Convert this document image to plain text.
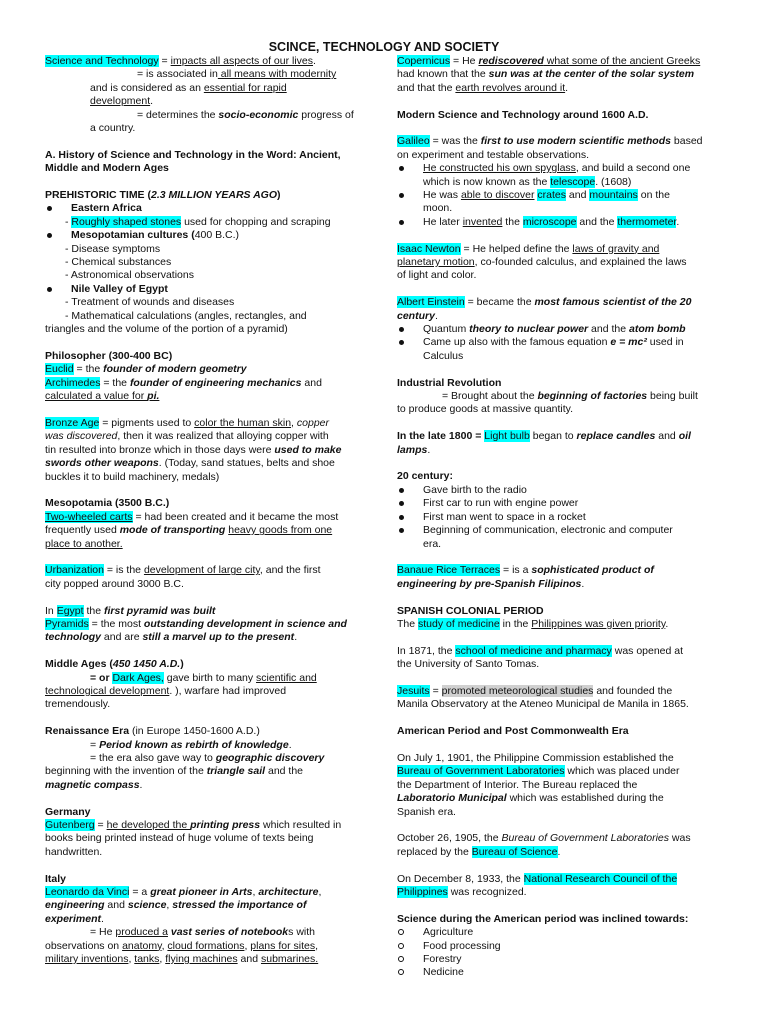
SCINCE, TECHNOLOGY AND SOCIETY

Science and Technology = impacts all aspects of our lives.

= is associated in all means with modernity

and is considered as an essential for rapid

development.

= determines the socio-economic progress of

a country.

A. History of Science and Technology in the Word: Ancient,

Middle and Modern Ages

PREHISTORIC TIME (2.3 MILLION YEARS AGO)

Eastern Africa

- Roughly shaped stones used for chopping and scraping

Mesopotamian cultures (400 B.C.)

- Disease symptoms

- Chemical substances

- Astronomical observations

Nile Valley of Egypt

- Treatment of wounds and diseases

- Mathematical calculations (angles, rectangles, and

triangles and the volume of the portion of a pyramid)

Philosopher (300-400 BC)

Euclid = the founder of modern geometry

Archimedes = the founder of engineering mechanics and

calculated a value for pi.

Bronze Age = pigments used to color the human skin, copper

was discovered, then it was realized that alloying copper with

tin resulted into bronze which in those days were used to make

swords other weapons. (Today, sand statues, belts and shoe

buckles it to build machinery, medals)

Mesopotamia (3500 B.C.)

Two-wheeled carts = had been created and it became the most

frequently used mode of transporting heavy goods from one

place to another.

Urbanization = is the development of large city, and the first

city popped around 3000 B.C.

In Egypt the first pyramid was built

Pyramids = the most outstanding development in science and

technology and are still a marvel up to the present.

Middle Ages (450 1450 A.D.)

= or Dark Ages, gave birth to many scientific and

technological development. ), warfare had improved

tremendously.

Renaissance Era (in Europe 1450-1600 A.D.)

= Period known as rebirth of knowledge.

= the era also gave way to geographic discovery

beginning with the invention of the triangle sail and the

magnetic compass.

Germany

Gutenberg = he developed the printing press which resulted in

books being printed instead of huge volume of texts being

handwritten.

Italy

Leonardo da Vinci = a great pioneer in Arts, architecture,

engineering and science, stressed the importance of

experiment.

= He produced a vast series of notebooks with

observations on anatomy, cloud formations, plans for sites,

military inventions, tanks, flying machines and submarines.

Copernicus = He rediscovered what some of the ancient Greeks

had known that the sun was at the center of the solar system

and that the earth revolves around it.

Modern Science and Technology around 1600 A.D.

Galileo = was the first to use modern scientific methods based

on experiment and testable observations.

He constructed his own spyglass, and build a second one

which is now known as the telescope. (1608)

He was able to discover crates and mountains on the

moon.

He later invented the microscope and the thermometer.

Isaac Newton = He helped define the laws of gravity and

planetary motion, co-founded calculus, and explained the laws

of light and color.

Albert Einstein = became the most famous scientist of the 20

century.

Quantum theory to nuclear power and the atom bomb

Came up also with the famous equation e = mc² used in

Calculus

Industrial Revolution

= Brought about the beginning of factories being built

to produce goods at massive quantity.

In the late 1800 = Light bulb began to replace candles and oil

lamps.

20 century:

Gave birth to the radio

First car to run with engine power

First man went to space in a rocket

Beginning of communication, electronic and computer

era.

Banaue Rice Terraces = is a sophisticated product of

engineering by pre-Spanish Filipinos.

SPANISH COLONIAL PERIOD

The study of medicine in the Philippines was given priority.

In 1871, the school of medicine and pharmacy was opened at

the University of Santo Tomas.

Jesuits = promoted meteorological studies and founded the

Manila Observatory at the Ateneo Municipal de Manila in 1865.

American Period and Post Commonwealth Era

On July 1, 1901, the Philippine Commission established the

Bureau of Government Laboratories which was placed under

the Department of Interior. The Bureau replaced the

Laboratorio Municipal which was established during the

Spanish era.

October 26, 1905, the Bureau of Government Laboratories was

replaced by the Bureau of Science.

On December 8, 1933, the National Research Council of the

Philippines was recognized.

Science during the American period was inclined towards:

Agriculture

Food processing

Forestry

Nedicine
